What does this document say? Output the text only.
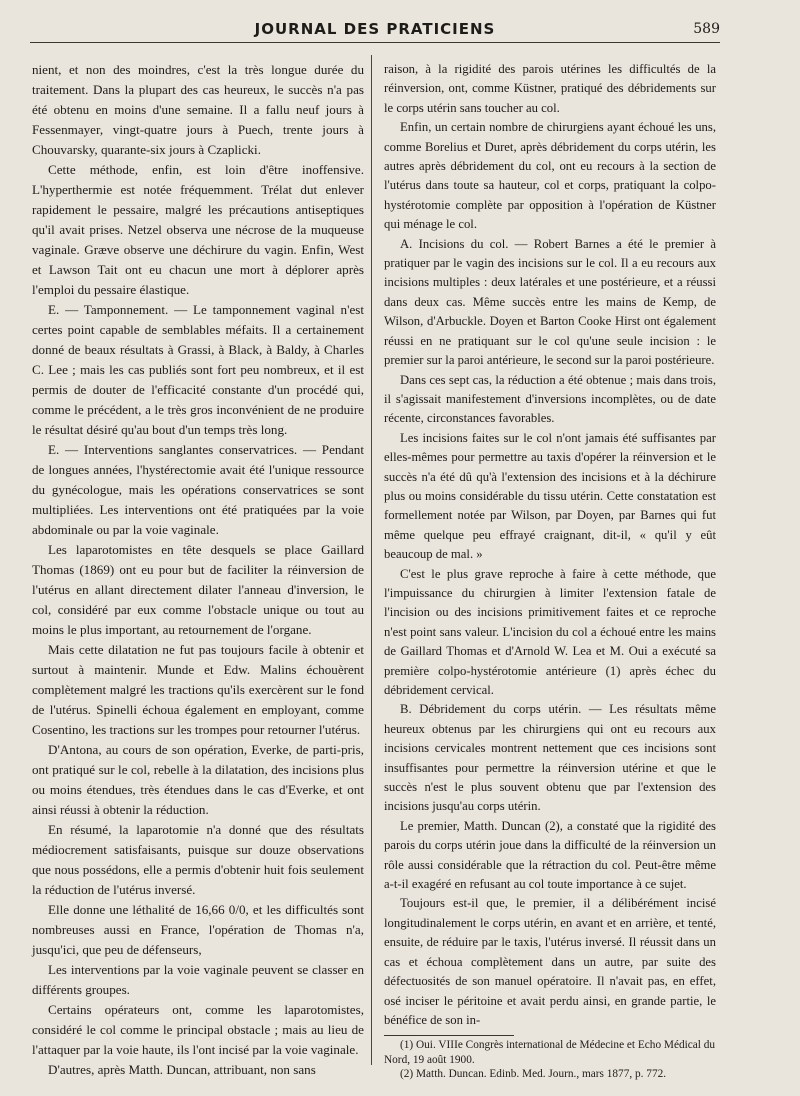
JOURNAL DES PRATICIENS	589

nient, et non des moindres, c'est la très longue durée du traitement. Dans la plupart des cas heureux, le succès n'a pas été obtenu en moins d'une semaine. Il a fallu neuf jours à Fessenmayer, vingt-quatre jours à Puech, trente jours à Chouvarsky, quarante-six jours à Czaplicki.

Cette méthode, enfin, est loin d'être inoffensive. L'hyperthermie est notée fréquemment. Trélat dut enlever rapidement le pessaire, malgré les précautions antiseptiques qu'il avait prises. Netzel observa une nécrose de la muqueuse vaginale. Græve observe une déchirure du vagin. Enfin, West et Lawson Tait ont eu chacun une mort à déplorer après l'emploi du pessaire élastique.

E. — Tamponnement. — Le tamponnement vaginal n'est certes point capable de semblables méfaits. Il a certainement donné de beaux résultats à Grassi, à Black, à Baldy, à Charles C. Lee ; mais les cas publiés sont fort peu nombreux, et il est permis de douter de l'efficacité constante d'un procédé qui, comme le précédent, a le très gros inconvénient de ne produire le résultat désiré qu'au bout d'un temps très long.

E. — Interventions sanglantes conservatrices. — Pendant de longues années, l'hystérectomie avait été l'unique ressource du gynécologue, mais les opérations conservatrices se sont multipliées. Les interventions ont été pratiquées par la voie abdominale ou par la voie vaginale.

Les laparotomistes en tête desquels se place Gaillard Thomas (1869) ont eu pour but de faciliter la réinversion de l'utérus en allant directement dilater l'anneau d'inversion, le col, considéré par eux comme l'obstacle unique ou tout au moins le plus important, au retournement de l'organe.

Mais cette dilatation ne fut pas toujours facile à obtenir et surtout à maintenir. Munde et Edw. Malins échouèrent complètement malgré les tractions qu'ils exercèrent sur le fond de l'utérus. Spinelli échoua également en employant, comme Cosentino, les tractions sur les trompes pour retourner l'utérus.

D'Antona, au cours de son opération, Everke, de parti-pris, ont pratiqué sur le col, rebelle à la dilatation, des incisions plus ou moins étendues, très étendues dans le cas d'Everke, et ont ainsi réussi à obtenir la réduction.

En résumé, la laparotomie n'a donné que des résultats médiocrement satisfaisants, puisque sur douze observations que nous possédons, elle a permis d'obtenir huit fois seulement la réduction de l'utérus inversé.

Elle donne une léthalité de 16,66 0/0, et les difficultés sont nombreuses aussi en France, l'opération de Thomas n'a, jusqu'ici, que peu de défenseurs,

Les interventions par la voie vaginale peuvent se classer en différents groupes.

Certains opérateurs ont, comme les laparotomistes, considéré le col comme le principal obstacle ; mais au lieu de l'attaquer par la voie haute, ils l'ont incisé par la voie vaginale.

D'autres, après Matth. Duncan, attribuant, non sans

raison, à la rigidité des parois utérines les difficultés de la réinversion, ont, comme Küstner, pratiqué des débridements sur le corps utérin sans toucher au col.

Enfin, un certain nombre de chirurgiens ayant échoué les uns, comme Borelius et Duret, après débridement du corps utérin, les autres après débridement du col, ont eu recours à la section de l'utérus dans toute sa hauteur, col et corps, pratiquant la colpo-hystérotomie complète par opposition à l'opération de Küstner qui ménage le col.

A. Incisions du col. — Robert Barnes a été le premier à pratiquer par le vagin des incisions sur le col. Il a eu recours aux incisions multiples : deux latérales et une postérieure, et a réussi dans deux cas. Même succès entre les mains de Kemp, de Wilson, d'Arbuckle. Doyen et Barton Cooke Hirst ont également réussi en ne pratiquant sur le col qu'une seule incision : le premier sur la paroi antérieure, le second sur la paroi postérieure.

Dans ces sept cas, la réduction a été obtenue ; mais dans trois, il s'agissait manifestement d'inversions incomplètes, ou de date récente, circonstances favorables.

Les incisions faites sur le col n'ont jamais été suffisantes par elles-mêmes pour permettre au taxis d'opérer la réinversion et le succès n'a été dû qu'à l'extension des incisions et à la déchirure plus ou moins considérable du tissu utérin. Cette constatation est formellement notée par Wilson, par Doyen, par Barnes qui fut même quelque peu effrayé craignant, dit-il, « qu'il y eût beaucoup de mal. »

C'est le plus grave reproche à faire à cette méthode, que l'impuissance du chirurgien à limiter l'extension fatale de l'incision ou des incisions primitivement faites et ce reproche n'est point sans valeur. L'incision du col a échoué entre les mains de Gaillard Thomas et d'Arnold W. Lea et M. Oui a exécuté sa première colpo-hystérotomie antérieure (1) après échec du débridement cervical.

B. Débridement du corps utérin. — Les résultats même heureux obtenus par les chirurgiens qui ont eu recours aux incisions cervicales montrent nettement que ces incisions sont insuffisantes pour permettre la réinversion utérine et que le succès n'est le plus souvent obtenu que par l'extension des incisions jusqu'au corps utérin.

Le premier, Matth. Duncan (2), a constaté que la rigidité des parois du corps utérin joue dans la difficulté de la réinversion un rôle aussi considérable que la rétraction du col. Peut-être même a-t-il exagéré en refusant au col toute importance à ce sujet.

Toujours est-il que, le premier, il a délibérément incisé longitudinalement le corps utérin, en avant et en arrière, et tenté, ensuite, de réduire par le taxis, l'utérus inversé. Il réussit dans un cas et échoua complètement dans un autre, par suite des défectuosités de son manuel opératoire. Il n'avait pas, en effet, osé inciser le péritoine et avait perdu ainsi, en grande partie, le bénéfice de son in-

(1) Oui. VIIIe Congrès international de Médecine et Echo Médical du Nord, 19 août 1900.

(2) Matth. Duncan. Edinb. Med. Journ., mars 1877, p. 772.
